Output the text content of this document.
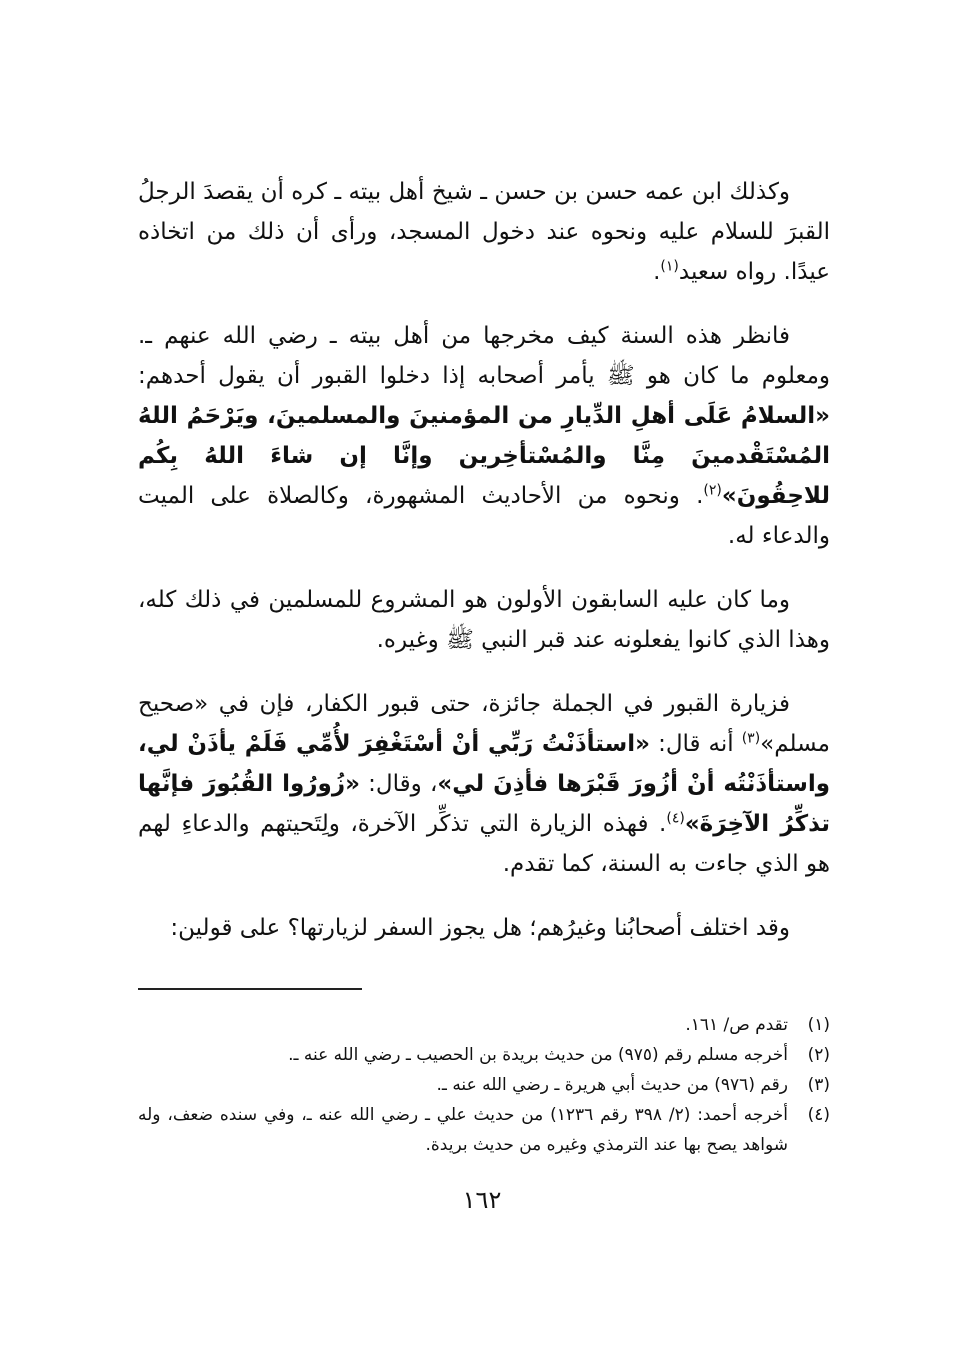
وكذلك ابن عمه حسن بن حسن ـ شيخ أهل بيته ـ كره أن يقصدَ الرجلُ القبرَ للسلام عليه ونحوه عند دخول المسجد، ورأى أن ذلك من اتخاذه عيدًا. رواه سعيد$^{(١)}$.

فانظر هذه السنة كيف مخرجها من أهل بيته ـ رضي الله عنهم ـ. ومعلوم ما كان هو ﷺ يأمر أصحابه إذا دخلوا القبور أن يقول أحدهم: «السلامُ عَلَى أهلِ الدِّيارِ من المؤمنينَ والمسلمينَ، ويَرْحَمُ اللهُ المُسْتَقْدمينَ مِنَّا والمُسْتأخِرين وإنَّا إن شاءَ اللهُ بِكُم للاحِقُونَ»$^{(٢)}$. ونحوه من الأحاديث المشهورة، وكالصلاة على الميت والدعاء له.

وما كان عليه السابقون الأولون هو المشروع للمسلمين في ذلك كله، وهذا الذي كانوا يفعلونه عند قبر النبي ﷺ وغيره.

فزيارة القبور في الجملة جائزة، حتى قبور الكفار، فإن في «صحيح مسلم»$^{(٣)}$ أنه قال: «استأذَنْتُ رَبِّي أنْ أسْتَغْفِرَ لأُمِّي فَلَمْ يأذَنْ لي، واستأذَنْتُه أنْ أزُورَ قَبْرَها فأذِنَ لي»، وقال: «زُورُوا القُبُورَ فإنَّها تذكِّرُ الآخِرَةَ»$^{(٤)}$. فهذه الزيارة التي تذكِّر الآخرة، ولِتَحيتهم والدعاءِ لهم هو الذي جاءت به السنة، كما تقدم.

وقد اختلف أصحابُنا وغيرُهم؛ هل يجوز السفر لزيارتها؟ على قولين:

(١)
تقدم ص/ ١٦١.
(٢)
أخرجه مسلم رقم (٩٧٥) من حديث بريدة بن الحصيب ـ رضي الله عنه ـ.
(٣)
رقم (٩٧٦) من حديث أبي هريرة ـ رضي الله عنه ـ.
(٤)
أخرجه أحمد: (٢/ ٣٩٨ رقم ١٢٣٦) من حديث علي ـ رضي الله عنه ـ، وفي سنده ضعف، وله شواهد يصح بها عند الترمذي وغيره من حديث بريدة.
١٦٢
